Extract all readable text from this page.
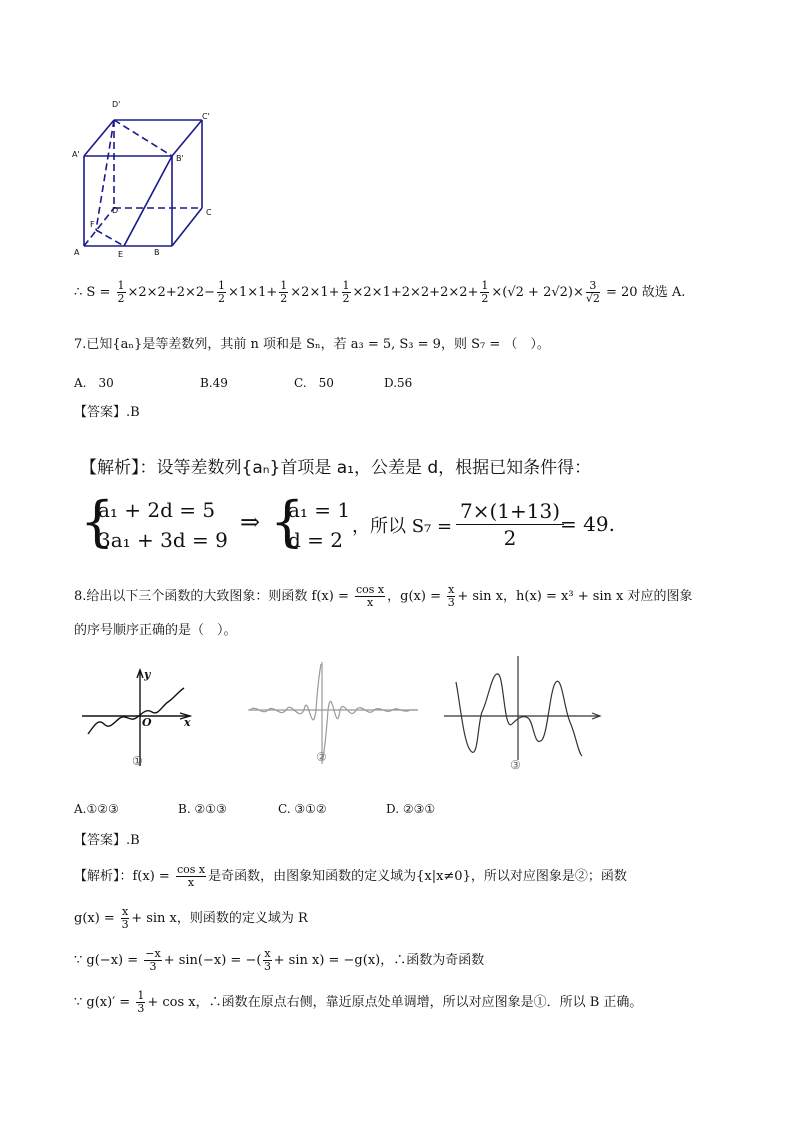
D'
C'
A'	B'
D	C
F
A	E	B
∴ $S = \frac{1}{2} \times 2\times 2+2\times 2- \frac{1}{2} \times 1\times 1+ \frac{1}{2} \times 2\times 1+ \frac{1}{2} \times 2\times 1+2\times 2+2\times 2+ \frac{1}{2} \times(√2 + 2√2)\times \frac{3}{√2} = 20$ 故选 A.
7.已知{aₙ}是等差数列，其前 n 项和是 Sₙ，若 a₃ = 5, S₃ = 9，则 S₇ = （　）。
A.　30	B.49	C.　50	D.56
【答案】.B
【解析】：设等差数列{aₙ}首项是 a₁，公差是 d，根据已知条件得：
{
a₁ + 2d = 5
3a₁ + 3d = 9
⇒ {
a₁ = 1
d = 2
，所以 $S_7 = \frac{7\times(1+13)}{2}$
= 49.
8.给出以下三个函数的大致图象：则函数 $f(x) = \frac{\text{cos x}}{x}$ ，$g(x) = \frac{x}{3} + \sin x$，h(x) = x³ + sin x 对应的图象
的序号顺序正确的是（　）。
y
x
O
①	②
③
A.①②③	B. ②①③	C. ③①②	D. ②③①
【答案】.B
【解析】：$f(x) = \frac{\text{cos x}}{x}$ 是奇函数，由图象知函数的定义域为{x|x≠0}，所以对应图象是②；函数
$g(x) = \frac{x}{3} + \sin x$，则函数的定义域为 R
∵ $g(-x) = \frac{-x}{3} + \sin(-x)$ = −( $\frac{x}{3} + \sin x) = -g(x)$，∴函数为奇函数
∵ $g(x)' = \frac{1}{3} + \cos x$，∴函数在原点右侧，靠近原点处单调增，所以对应图象是①．所以 B 正确。
